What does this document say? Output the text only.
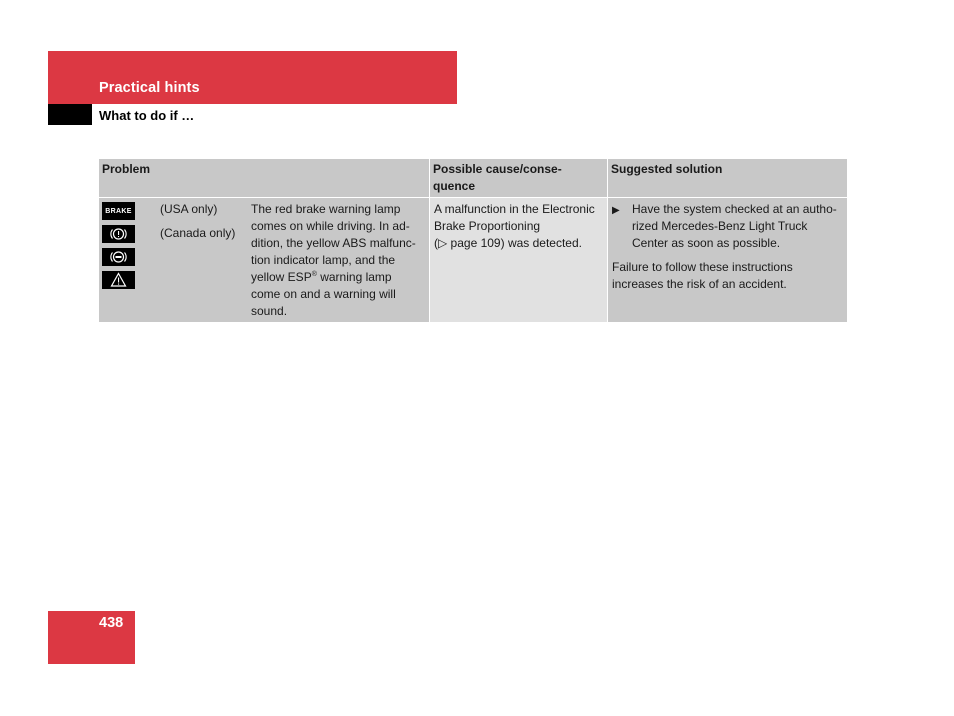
Practical hints
What to do if …
Problem	Possible cause/conse-
quence
Suggested solution
BRAKE (USA only)
(Canada only)
The red brake warning lamp
comes on while driving. In ad-
dition, the yellow ABS malfunc-
tion indicator lamp, and the
yellow ESP® warning lamp
come on and a warning will
sound.
A malfunction in the Electronic
Brake Proportioning
(▷ page 109) was detected.
▶	Have the system checked at an autho-
rized Mercedes-Benz Light Truck
Center as soon as possible.
Failure to follow these instructions
increases the risk of an accident.
438
